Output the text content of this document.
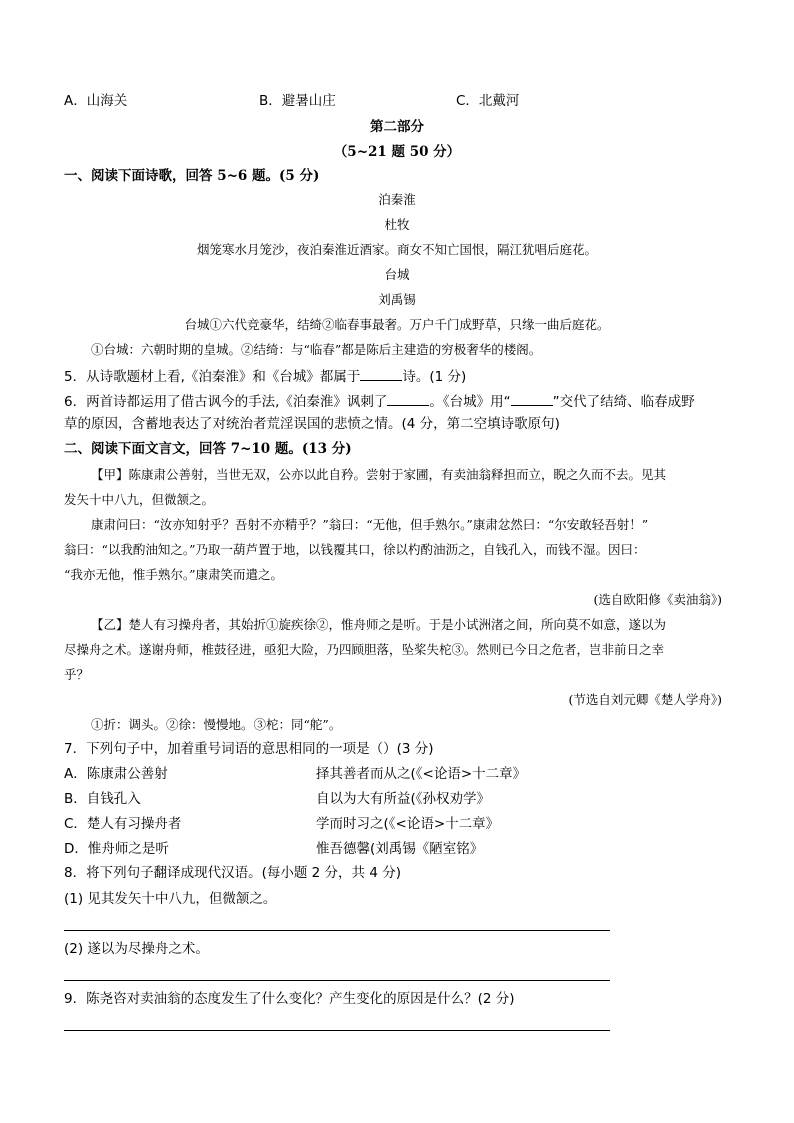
A．山海关	B．避暑山庄	C．北戴河
第二部分
（5~21 题 50 分）
一、阅读下面诗歌，回答 5~6 题。(5 分)
泊秦淮
杜牧
烟笼寒水月笼沙，夜泊秦淮近酒家。商女不知亡国恨，隔江犹唱后庭花。
台城
刘禹锡
台城①六代竞豪华，结绮②临春事最奢。万户千门成野草，只缘一曲后庭花。
①台城：六朝时期的皇城。②结绮：与“临春”都是陈后主建造的穷极奢华的楼阁。
5．从诗歌题材上看,《泊秦淮》和《台城》都属于	诗。(1 分)
6．两首诗都运用了借古讽今的手法,《泊秦淮》讽刺了	。《台城》用“	”交代了结绮、临春成野
草的原因，含蓄地表达了对统治者荒淫误国的悲愤之情。(4 分，第二空填诗歌原句)
二、阅读下面文言文，回答 7~10 题。(13 分)
【甲】陈康肃公善射，当世无双，公亦以此自矜。尝射于家圃，有卖油翁释担而立，睨之久而不去。见其
发矢十中八九，但微颔之。
康肃问曰：“汝亦知射乎？吾射不亦精乎？”翁曰：“无他，但手熟尔。”康肃忿然曰：“尔安敢轻吾射！”
翁曰：“以我酌油知之。”乃取一葫芦置于地，以钱覆其口，徐以杓酌油沥之，自钱孔入，而钱不湿。因曰：
“我亦无他，惟手熟尔。”康肃笑而遣之。
(选自欧阳修《卖油翁》)
【乙】楚人有习操舟者，其始折①旋疾徐②，惟舟师之是听。于是小试洲渚之间，所向莫不如意，遂以为
尽操舟之术。遂谢舟师，椎鼓径进，亟犯大险，乃四顾胆落，坠桨失柁③。然则已今日之危者，岂非前日之幸
乎？
(节选自刘元卿《楚人学舟》)
①折：调头。②徐：慢慢地。③柁：同“舵”。
7．下列句子中，加着重号词语的意思相同的一项是（）(3 分)
A．陈康肃公善射	择其善者而从之(《<论语>十二章》
B．自钱孔入	自以为大有所益(《孙权劝学》
C．楚人有习操舟者	学而时习之(《<论语>十二章》
D．惟舟师之是听	惟吾德馨(刘禹锡《陋室铭》
8．将下列句子翻译成现代汉语。(每小题 2 分，共 4 分)
(1) 见其发矢十中八九，但微颔之。
(2) 遂以为尽操舟之术。
9．陈尧咨对卖油翁的态度发生了什么变化？产生变化的原因是什么？(2 分)
